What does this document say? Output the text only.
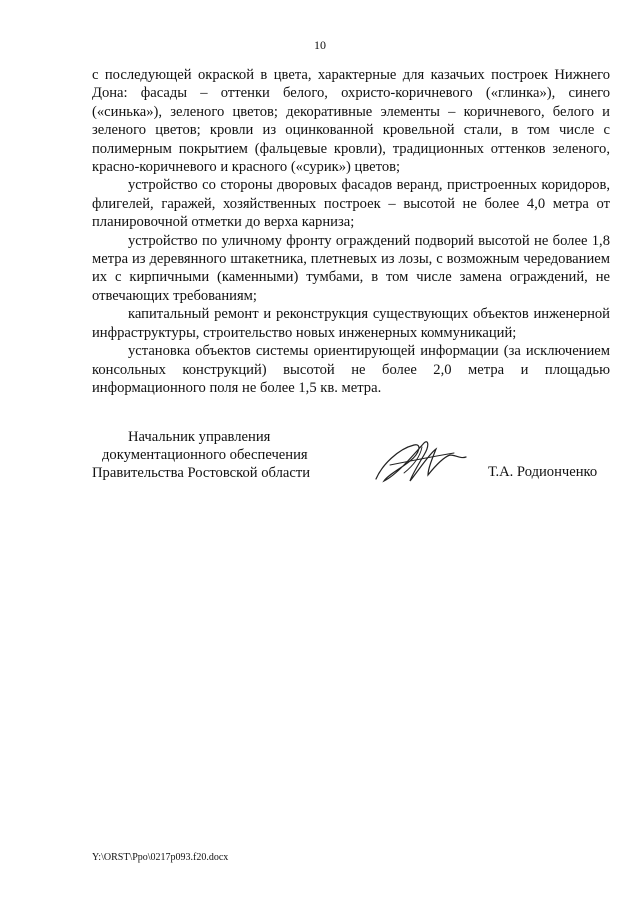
10

с последующей окраской в цвета, характерные для казачьих построек Нижнего Дона: фасады – оттенки белого, охристо-коричневого («глинка»), синего («синька»), зеленого цветов; декоративные элементы – коричневого, белого и зеленого цветов; кровли из оцинкованной кровельной стали, в том числе с полимерным покрытием (фальцевые кровли), традиционных оттенков зеленого, красно-коричневого и красного («сурик») цветов;

устройство со стороны дворовых фасадов веранд, пристроенных коридоров, флигелей, гаражей, хозяйственных построек – высотой не более 4,0 метра от планировочной отметки до верха карниза;

устройство по уличному фронту ограждений подворий высотой не более 1,8 метра из деревянного штакетника, плетневых из лозы, с возможным чередованием их с кирпичными (каменными) тумбами, в том числе замена ограждений, не отвечающих требованиям;

капитальный ремонт и реконструкция существующих объектов инженерной инфраструктуры, строительство новых инженерных коммуникаций;

установка объектов системы ориентирующей информации (за исключением консольных конструкций) высотой не более 2,0 метра и площадью информационного поля не более 1,5 кв. метра.

Начальник управления
документационного обеспечения
Правительства Ростовской области	Т.А. Родионченко
Y:\ORST\Ppo\0217p093.f20.docx
